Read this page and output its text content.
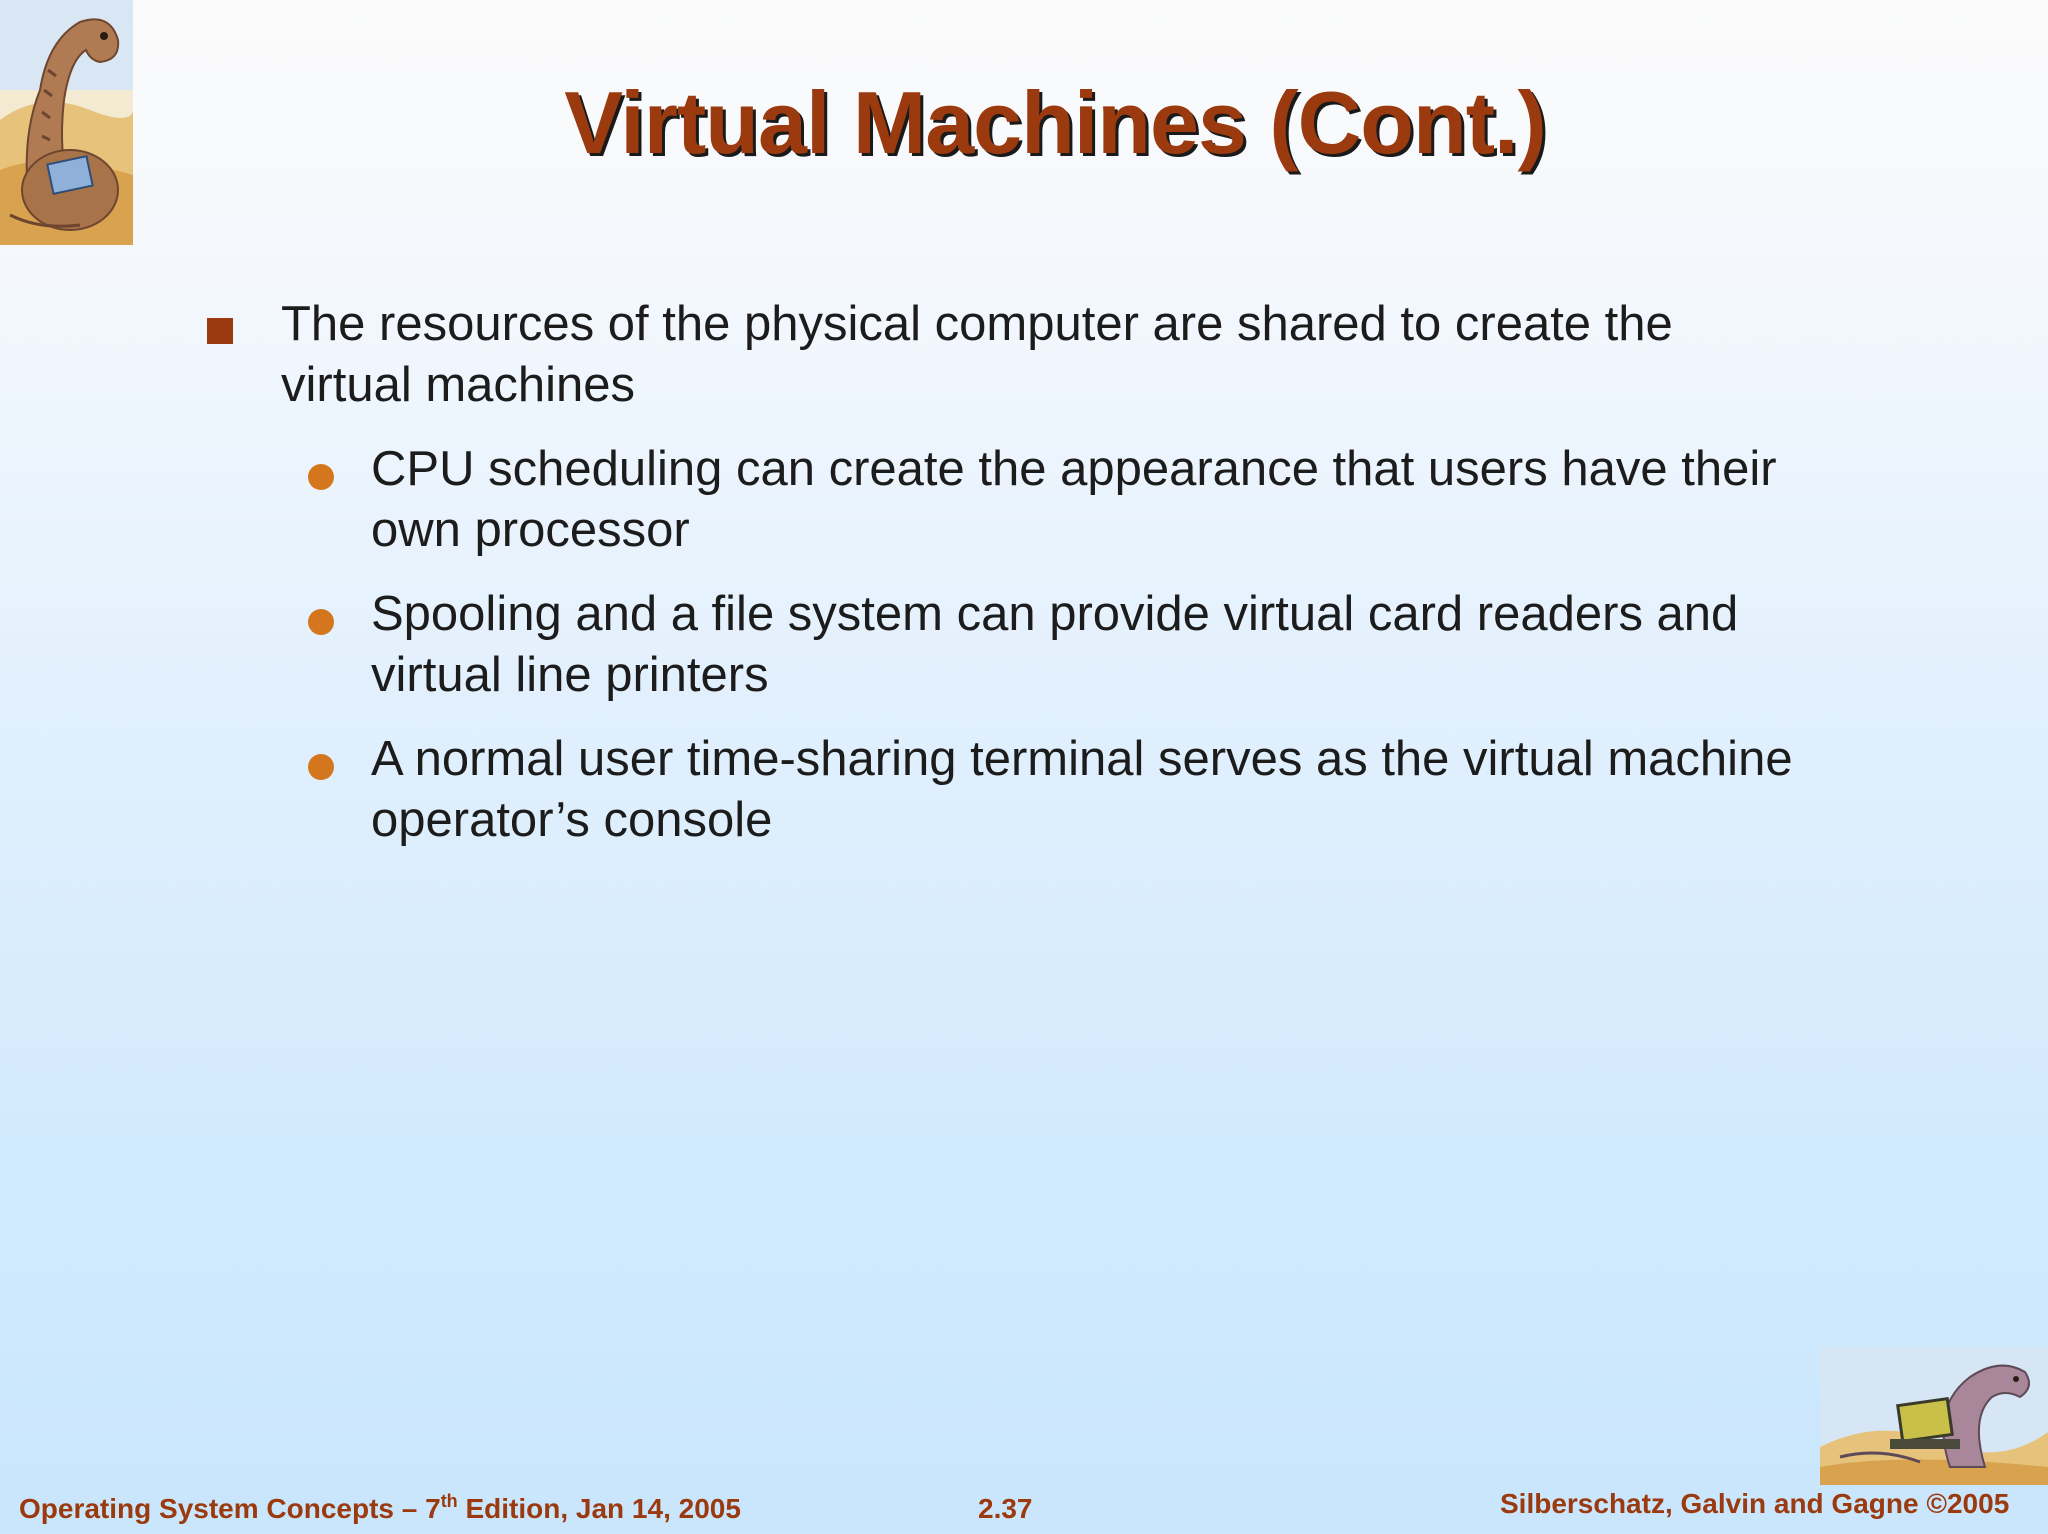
Virtual Machines (Cont.)
The resources of the physical computer are shared to create the virtual machines
CPU scheduling can create the appearance that users have their own processor
Spooling and a file system can provide virtual card readers and virtual line printers
A normal user time-sharing terminal serves as the virtual machine operator’s console
Operating System Concepts – 7th Edition, Jan 14, 2005	2.37	Silberschatz, Galvin and Gagne ©2005
